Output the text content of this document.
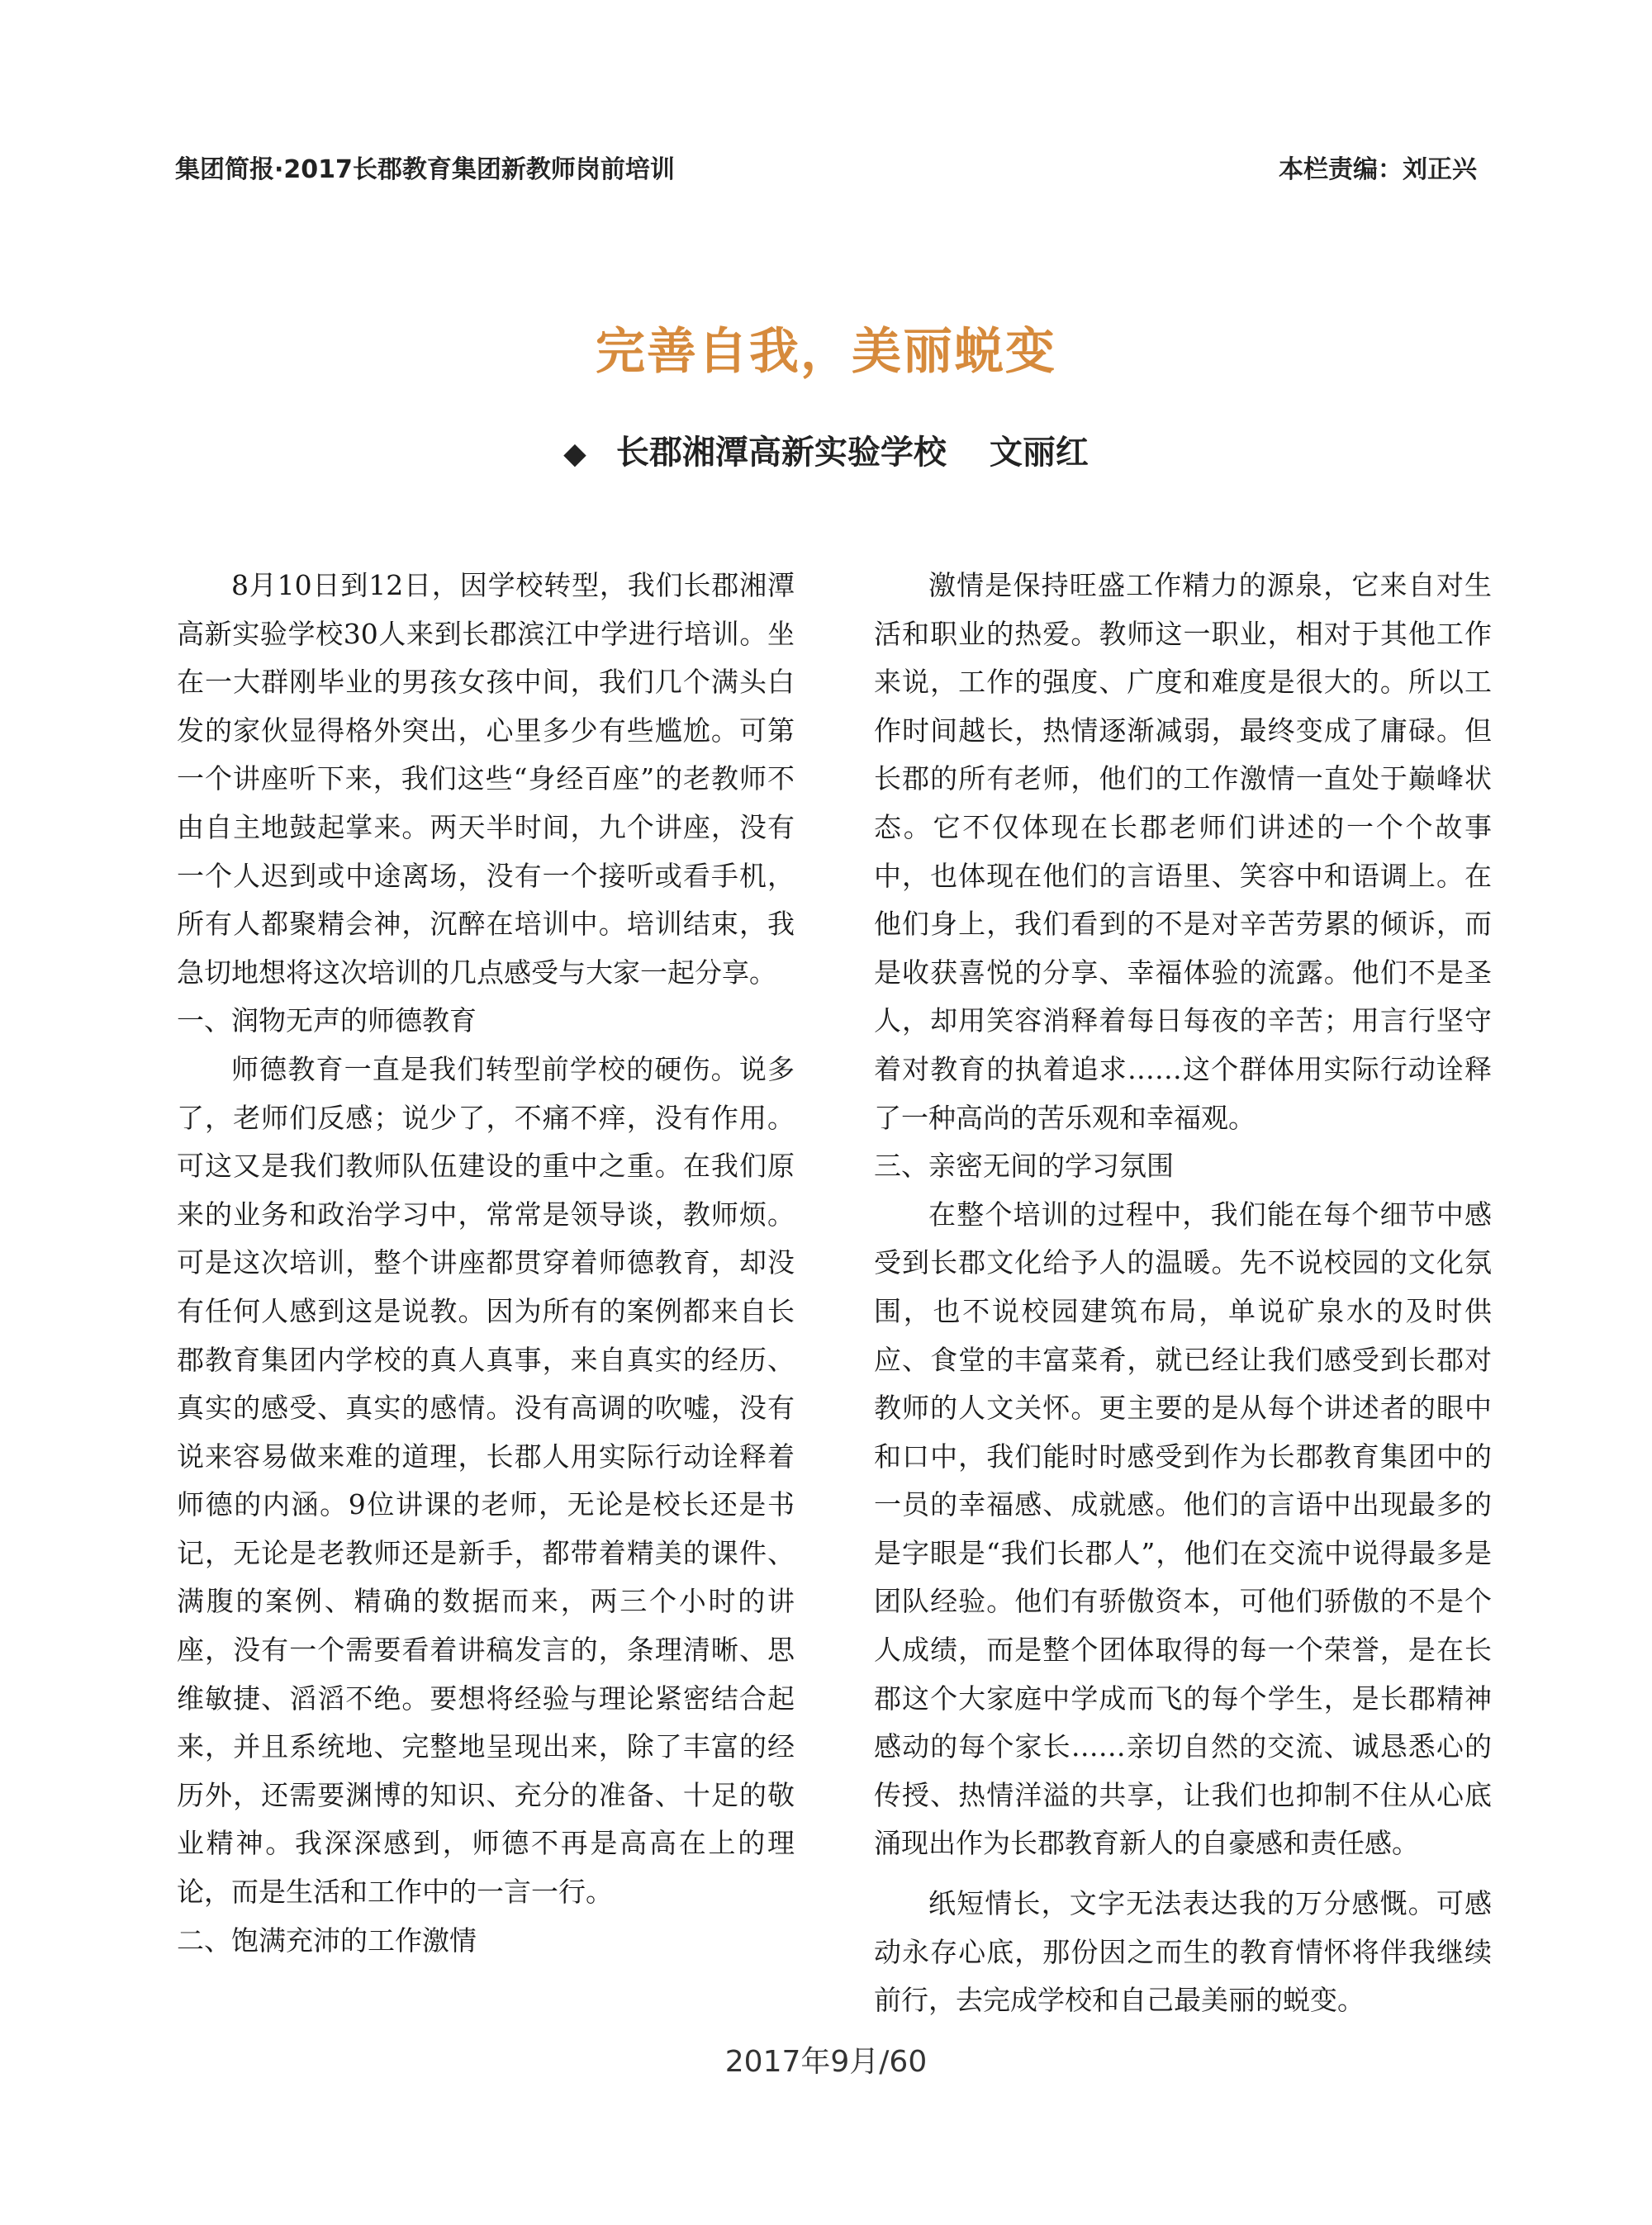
集团简报·2017长郡教育集团新教师岗前培训	本栏责编：刘正兴
完善自我，美丽蜕变
◆ 长郡湘潭高新实验学校 文丽红

8月10日到12日，因学校转型，我们长郡湘潭高新实验学校30人来到长郡滨江中学进行培训。坐在一大群刚毕业的男孩女孩中间，我们几个满头白发的家伙显得格外突出，心里多少有些尴尬。可第一个讲座听下来，我们这些“身经百座”的老教师不由自主地鼓起掌来。两天半时间，九个讲座，没有一个人迟到或中途离场，没有一个接听或看手机，所有人都聚精会神，沉醉在培训中。培训结束，我急切地想将这次培训的几点感受与大家一起分享。

一、润物无声的师德教育

师德教育一直是我们转型前学校的硬伤。说多了，老师们反感；说少了，不痛不痒，没有作用。可这又是我们教师队伍建设的重中之重。在我们原来的业务和政治学习中，常常是领导谈，教师烦。可是这次培训，整个讲座都贯穿着师德教育，却没有任何人感到这是说教。因为所有的案例都来自长郡教育集团内学校的真人真事，来自真实的经历、真实的感受、真实的感情。没有高调的吹嘘，没有说来容易做来难的道理，长郡人用实际行动诠释着师德的内涵。9位讲课的老师，无论是校长还是书记，无论是老教师还是新手，都带着精美的课件、满腹的案例、精确的数据而来，两三个小时的讲座，没有一个需要看着讲稿发言的，条理清晰、思维敏捷、滔滔不绝。要想将经验与理论紧密结合起来，并且系统地、完整地呈现出来，除了丰富的经历外，还需要渊博的知识、充分的准备、十足的敬业精神。我深深感到，师德不再是高高在上的理论，而是生活和工作中的一言一行。

二、饱满充沛的工作激情

激情是保持旺盛工作精力的源泉，它来自对生活和职业的热爱。教师这一职业，相对于其他工作来说，工作的强度、广度和难度是很大的。所以工作时间越长，热情逐渐减弱，最终变成了庸碌。但长郡的所有老师，他们的工作激情一直处于巅峰状态。它不仅体现在长郡老师们讲述的一个个故事中，也体现在他们的言语里、笑容中和语调上。在他们身上，我们看到的不是对辛苦劳累的倾诉，而是收获喜悦的分享、幸福体验的流露。他们不是圣人，却用笑容消释着每日每夜的辛苦；用言行坚守着对教育的执着追求……这个群体用实际行动诠释了一种高尚的苦乐观和幸福观。

三、亲密无间的学习氛围

在整个培训的过程中，我们能在每个细节中感受到长郡文化给予人的温暖。先不说校园的文化氛围，也不说校园建筑布局，单说矿泉水的及时供应、食堂的丰富菜肴，就已经让我们感受到长郡对教师的人文关怀。更主要的是从每个讲述者的眼中和口中，我们能时时感受到作为长郡教育集团中的一员的幸福感、成就感。他们的言语中出现最多的是字眼是“我们长郡人”，他们在交流中说得最多是团队经验。他们有骄傲资本，可他们骄傲的不是个人成绩，而是整个团体取得的每一个荣誉，是在长郡这个大家庭中学成而飞的每个学生，是长郡精神感动的每个家长……亲切自然的交流、诚恳悉心的传授、热情洋溢的共享，让我们也抑制不住从心底涌现出作为长郡教育新人的自豪感和责任感。

纸短情长，文字无法表达我的万分感慨。可感动永存心底，那份因之而生的教育情怀将伴我继续前行，去完成学校和自己最美丽的蜕变。

2017年9月/60
